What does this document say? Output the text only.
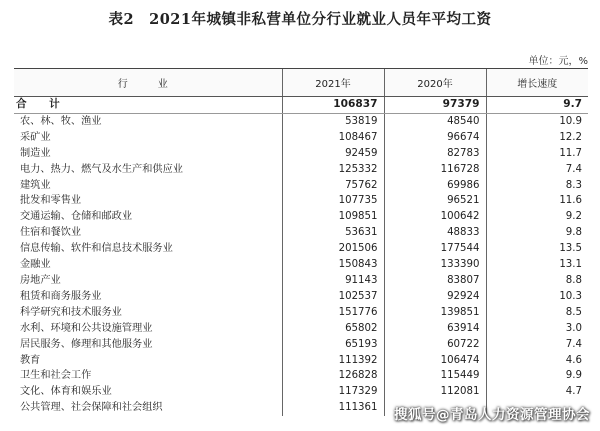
表2　2021年城镇非私营单位分行业就业人员年平均工资
单位：元，%
行　业	2021年	2020年	增长速度
合　计	106837	97379	9.7
农、林、牧、渔业	53819	48540	10.9
采矿业	108467	96674	12.2
制造业	92459	82783	11.7
电力、热力、燃气及水生产和供应业	125332	116728	7.4
建筑业	75762	69986	8.3
批发和零售业	107735	96521	11.6
交通运输、仓储和邮政业	109851	100642	9.2
住宿和餐饮业	53631	48833	9.8
信息传输、软件和信息技术服务业	201506	177544	13.5
金融业	150843	133390	13.1
房地产业	91143	83807	8.8
租赁和商务服务业	102537	92924	10.3
科学研究和技术服务业	151776	139851	8.5
水利、环境和公共设施管理业	65802	63914	3.0
居民服务、修理和其他服务业	65193	60722	7.4
教育	111392	106474	4.6
卫生和社会工作	126828	115449	9.9
文化、体育和娱乐业	117329	112081	4.7
公共管理、社会保障和社会组织	111361		搜狐号@青岛人力资源管理协会
